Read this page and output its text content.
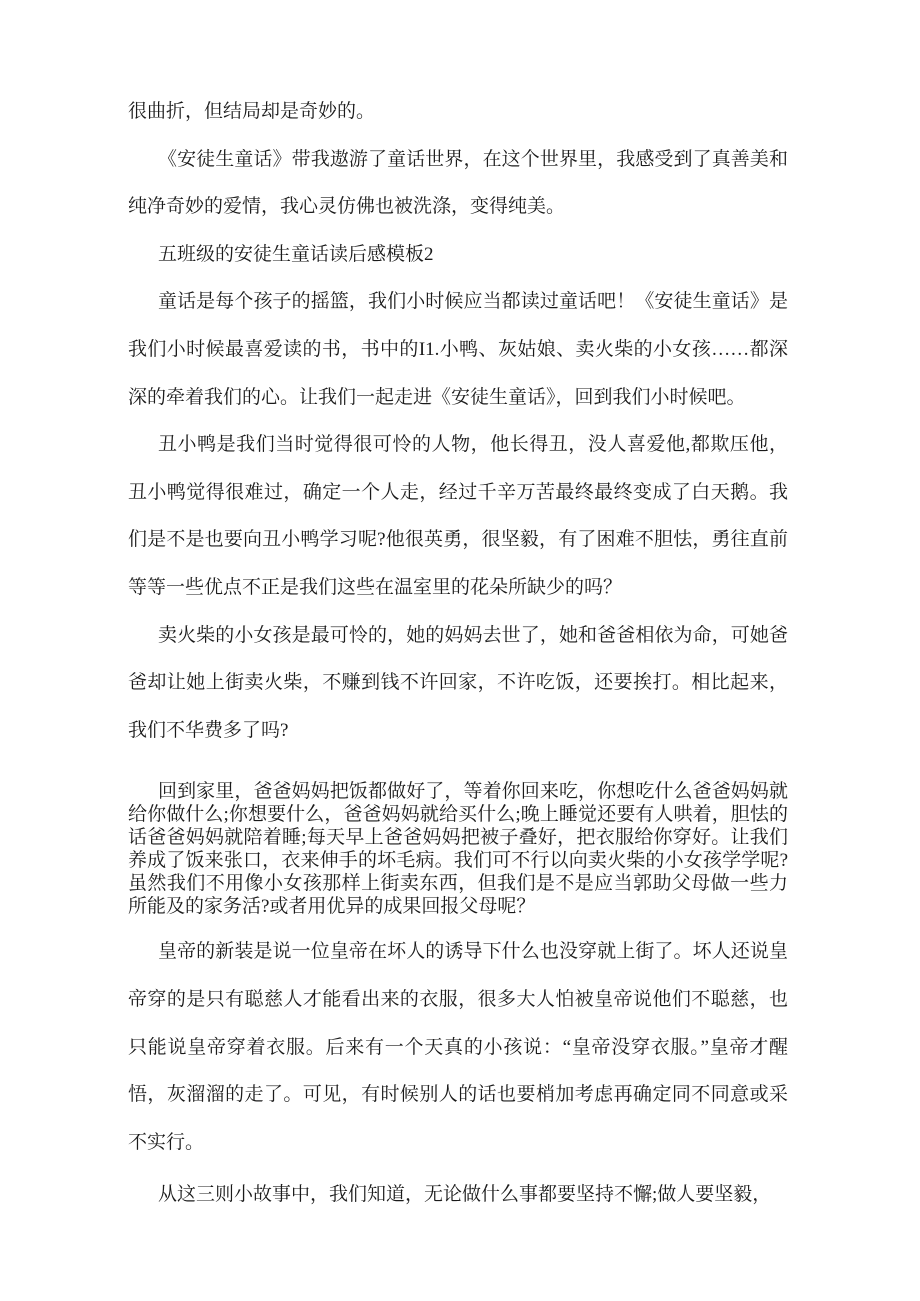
很曲折，但结局却是奇妙的。

《安徒生童话》带我遨游了童话世界，在这个世界里，我感受到了真善美和纯净奇妙的爱情，我心灵仿佛也被洗涤，变得纯美。

五班级的安徒生童话读后感模板2

童话是每个孩子的摇篮，我们小时候应当都读过童话吧！《安徒生童话》是我们小时候最喜爱读的书，书中的I1.小鸭、灰姑娘、卖火柴的小女孩……都深深的牵着我们的心。让我们一起走进《安徒生童话》，回到我们小时候吧。

丑小鸭是我们当时觉得很可怜的人物，他长得丑，没人喜爱他,都欺压他，丑小鸭觉得很难过，确定一个人走，经过千辛万苦最终最终变成了白天鹅。我们是不是也要向丑小鸭学习呢?他很英勇，很坚毅，有了困难不胆怯，勇往直前等等一些优点不正是我们这些在温室里的花朵所缺少的吗？

卖火柴的小女孩是最可怜的，她的妈妈去世了，她和爸爸相依为命，可她爸爸却让她上街卖火柴，不赚到钱不许回家，不许吃饭，还要挨打。相比起来，我们不华费多了吗?

回到家里，爸爸妈妈把饭都做好了，等着你回来吃，你想吃什么爸爸妈妈就给你做什么;你想要什么，爸爸妈妈就给买什么;晚上睡觉还要有人哄着，胆怯的话爸爸妈妈就陪着睡;每天早上爸爸妈妈把被子叠好，把衣服给你穿好。让我们养成了饭来张口，衣来伸手的坏毛病。我们可不行以向卖火柴的小女孩学学呢?虽然我们不用像小女孩那样上街卖东西，但我们是不是应当郭助父母做一些力所能及的家务活?或者用优异的成果回报父母呢？

皇帝的新装是说一位皇帝在坏人的诱导下什么也没穿就上街了。坏人还说皇帝穿的是只有聪慈人才能看出来的衣服，很多大人怕被皇帝说他们不聪慈，也只能说皇帝穿着衣服。后来有一个天真的小孩说：“皇帝没穿衣服。”皇帝才醒悟，灰溜溜的走了。可见，有时候别人的话也要梢加考虑再确定同不同意或采不实行。

从这三则小故事中，我们知道，无论做什么事都要坚持不懈;做人要坚毅，
